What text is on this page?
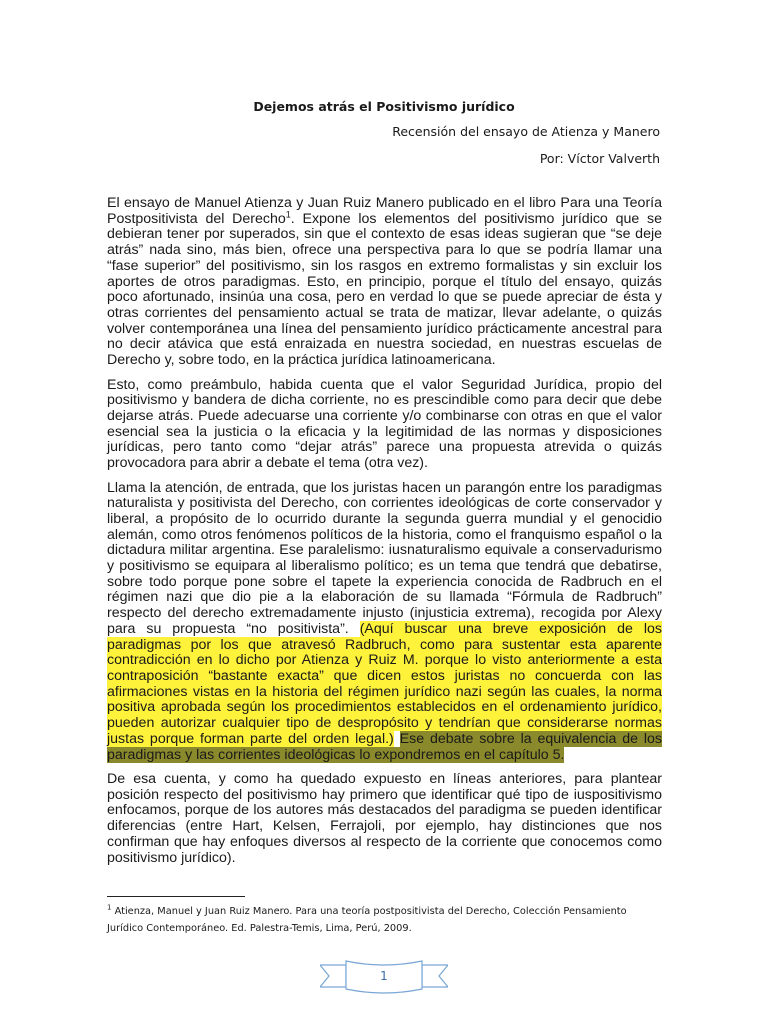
Dejemos atrás el Positivismo jurídico
Recensión del ensayo de Atienza y Manero
Por: Víctor Valverth

El ensayo de Manuel Atienza y Juan Ruiz Manero publicado en el libro Para una Teoría Postpositivista del Derecho$^1$. Expone los elementos del positivismo jurídico que se debieran tener por superados, sin que el contexto de esas ideas sugieran que “se deje atrás” nada sino, más bien, ofrece una perspectiva para lo que se podría llamar una “fase superior” del positivismo, sin los rasgos en extremo formalistas y sin excluir los aportes de otros paradigmas. Esto, en principio, porque el título del ensayo, quizás poco afortunado, insinúa una cosa, pero en verdad lo que se puede apreciar de ésta y otras corrientes del pensamiento actual se trata de matizar, llevar adelante, o quizás volver contemporánea una línea del pensamiento jurídico prácticamente ancestral para no decir atávica que está enraizada en nuestra sociedad, en nuestras escuelas de Derecho y, sobre todo, en la práctica jurídica latinoamericana.

Esto, como preámbulo, habida cuenta que el valor Seguridad Jurídica, propio del positivismo y bandera de dicha corriente, no es prescindible como para decir que debe dejarse atrás. Puede adecuarse una corriente y/o combinarse con otras en que el valor esencial sea la justicia o la eficacia y la legitimidad de las normas y disposiciones jurídicas, pero tanto como “dejar atrás” parece una propuesta atrevida o quizás provocadora para abrir a debate el tema (otra vez).

Llama la atención, de entrada, que los juristas hacen un parangón entre los paradigmas naturalista y positivista del Derecho, con corrientes ideológicas de corte conservador y liberal, a propósito de lo ocurrido durante la segunda guerra mundial y el genocidio alemán, como otros fenómenos políticos de la historia, como el franquismo español o la dictadura militar argentina. Ese paralelismo: iusnaturalismo equivale a conservadurismo y positivismo se equipara al liberalismo político; es un tema que tendrá que debatirse, sobre todo porque pone sobre el tapete la experiencia conocida de Radbruch en el régimen nazi que dio pie a la elaboración de su llamada “Fórmula de Radbruch” respecto del derecho extremadamente injusto (injusticia extrema), recogida por Alexy para su propuesta “no positivista”. (Aquí buscar una breve exposición de los paradigmas por los que atravesó Radbruch, como para sustentar esta aparente contradicción en lo dicho por Atienza y Ruiz M. porque lo visto anteriormente a esta contraposición “bastante exacta” que dicen estos juristas no concuerda con las afirmaciones vistas en la historia del régimen jurídico nazi según las cuales, la norma positiva aprobada según los procedimientos establecidos en el ordenamiento jurídico, pueden autorizar cualquier tipo de despropósito y tendrían que considerarse normas justas porque forman parte del orden legal.) Ese debate sobre la equivalencia de los paradigmas y las corrientes ideológicas lo expondremos en el capítulo 5.

De esa cuenta, y como ha quedado expuesto en líneas anteriores, para plantear posición respecto del positivismo hay primero que identificar qué tipo de iuspositivismo enfocamos, porque de los autores más destacados del paradigma se pueden identificar diferencias (entre Hart, Kelsen, Ferrajoli, por ejemplo, hay distinciones que nos confirman que hay enfoques diversos al respecto de la corriente que conocemos como positivismo jurídico).

$^1$ Atienza, Manuel y Juan Ruiz Manero. Para una teoría postpositivista del Derecho, Colección Pensamiento Jurídico Contemporáneo. Ed. Palestra-Temis, Lima, Perú, 2009.
1
